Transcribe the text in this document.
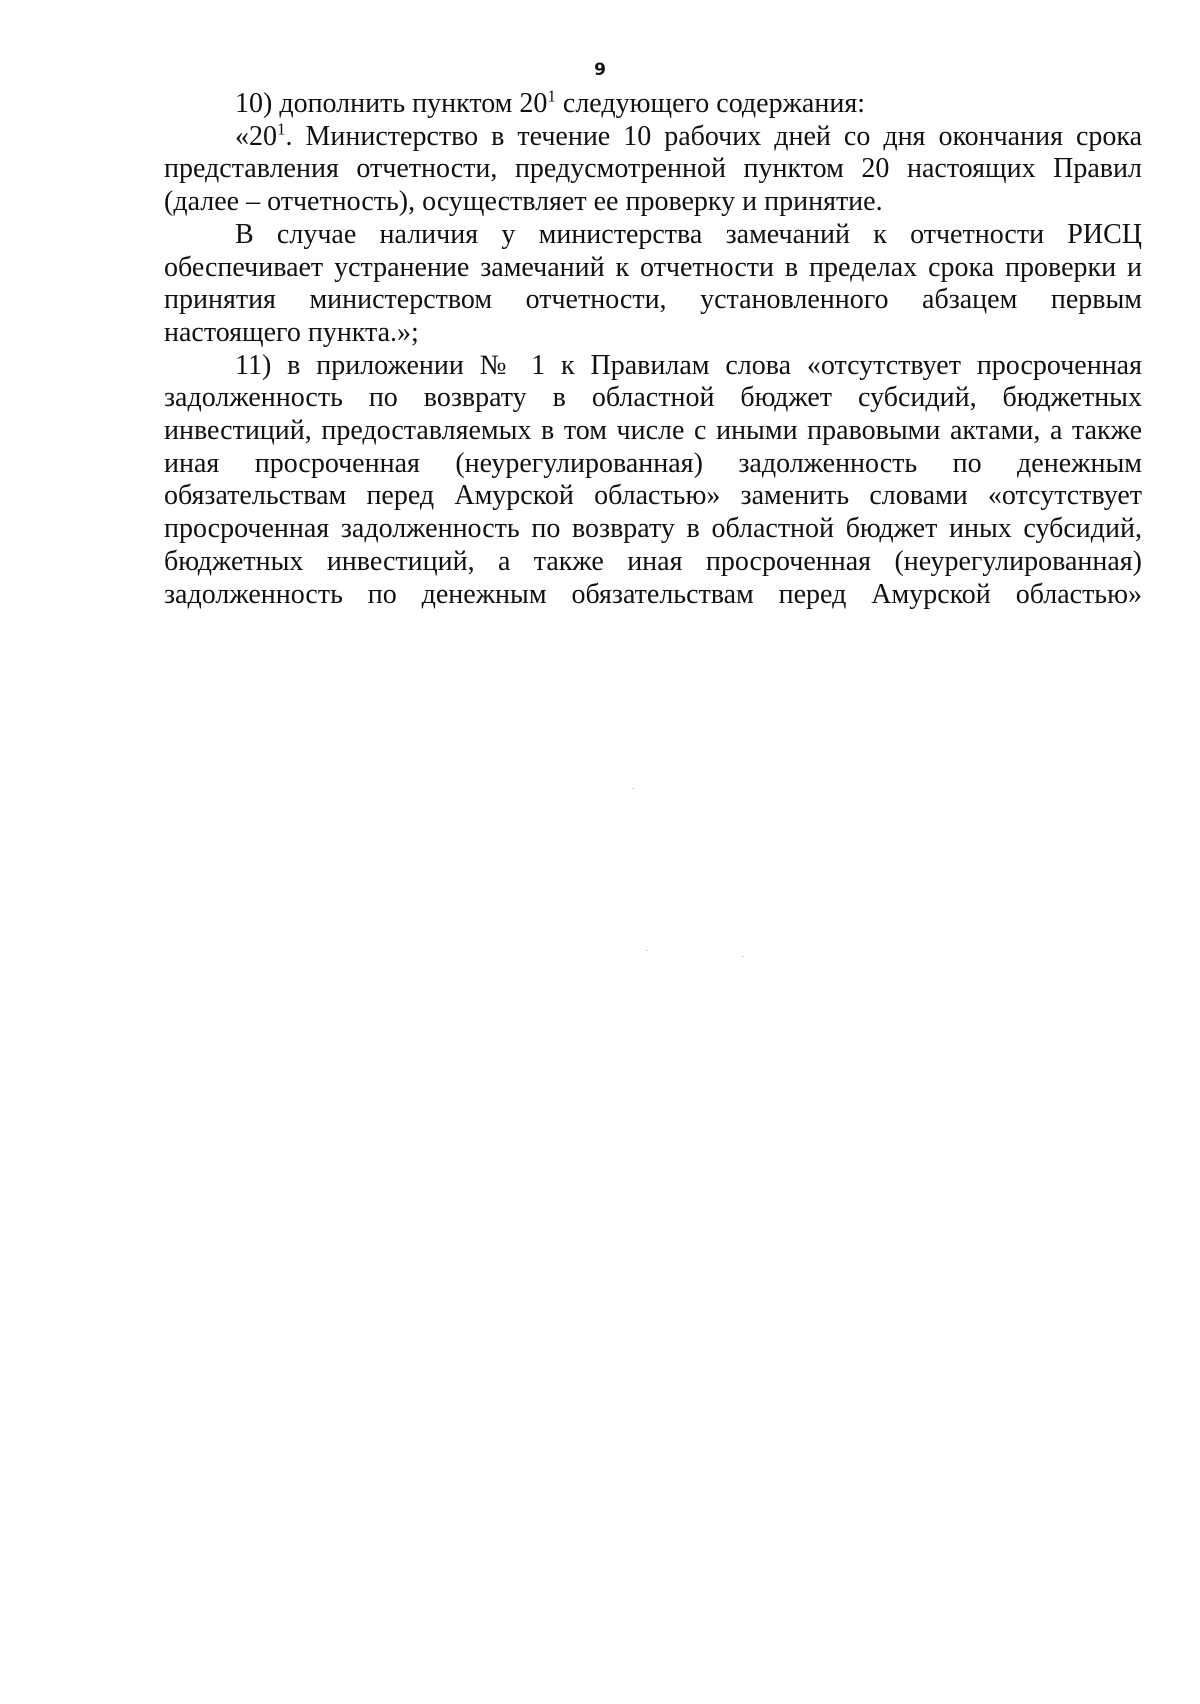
9

10) дополнить пунктом $20^1$ следующего содержания:

«$20^1$. Министерство в течение 10 рабочих дней со дня окончания срока представления отчетности, предусмотренной пунктом 20 настоящих Правил (далее – отчетность), осуществляет ее проверку и принятие.

В случае наличия у министерства замечаний к отчетности РИСЦ обеспечивает устранение замечаний к отчетности в пределах срока проверки и принятия министерством отчетности, установленного абзацем первым настоящего пункта.»;

11) в приложении № 1 к Правилам слова «отсутствует просроченная задолженность по возврату в областной бюджет субсидий, бюджетных инвестиций, предоставляемых в том числе с иными правовыми актами, а также иная просроченная (неурегулированная) задолженность по денежным обязательствам перед Амурской областью» заменить словами «отсутствует просроченная задолженность по возврату в областной бюджет иных субсидий, бюджетных инвестиций, а также иная просроченная (неурегулированная) задолженность по денежным обязательствам перед Амурской областью»
